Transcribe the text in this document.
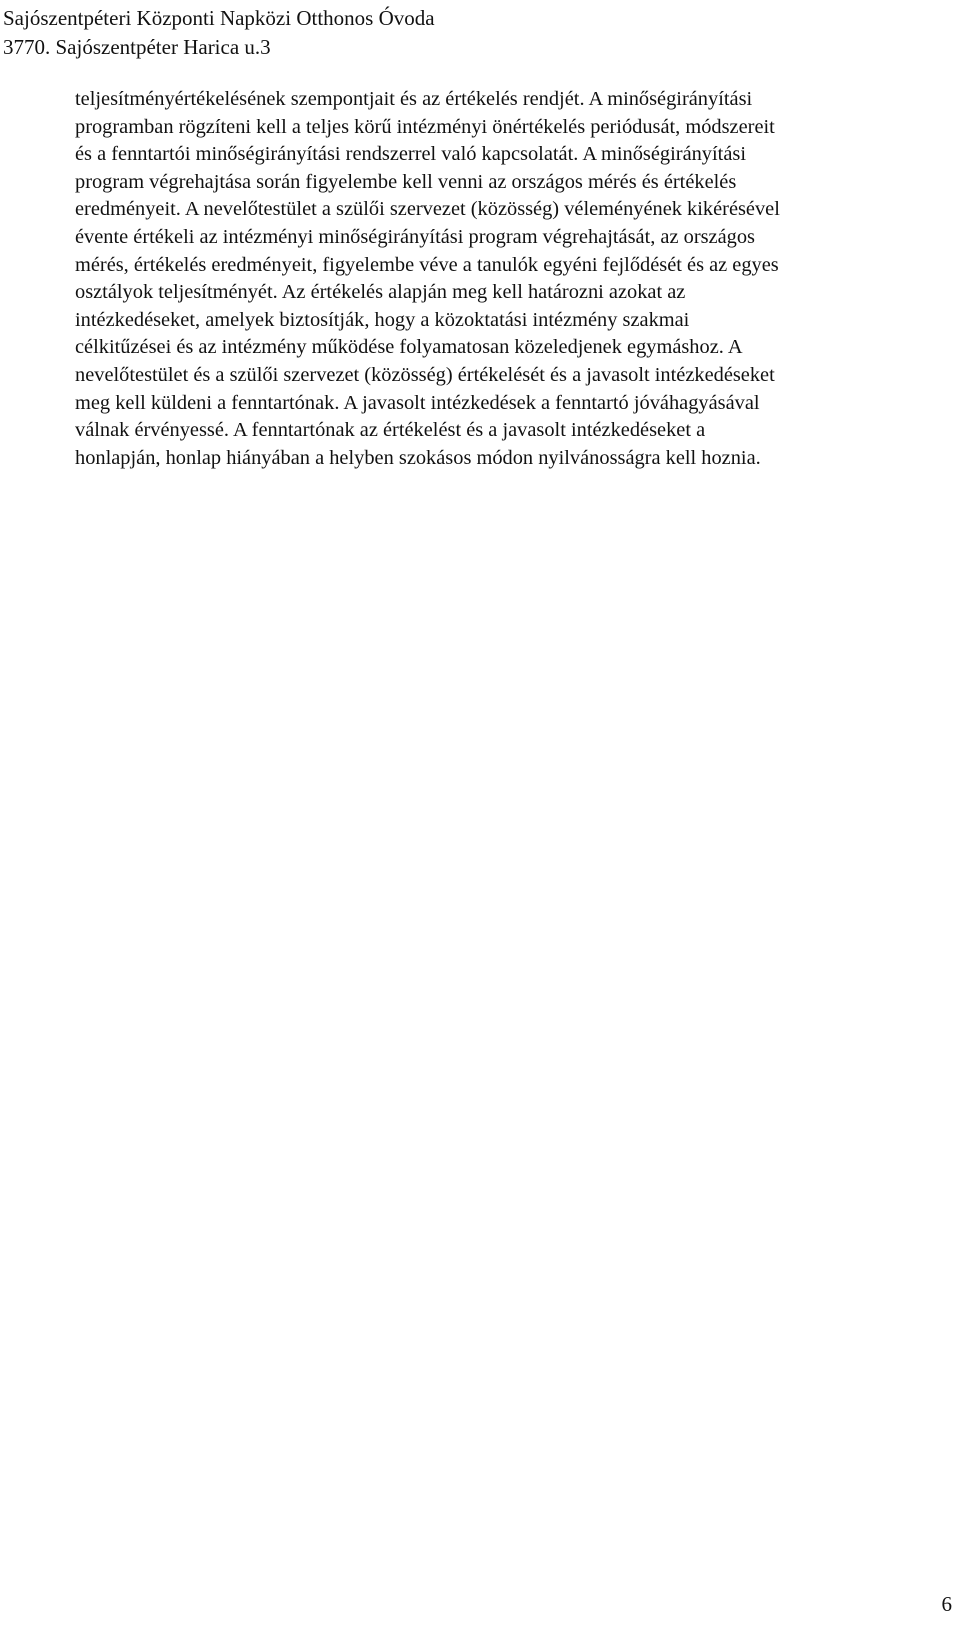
Sajószentpéteri Központi Napközi Otthonos Óvoda
3770. Sajószentpéter Harica u.3
teljesítményértékelésének szempontjait és az értékelés rendjét. A minőségirányítási
programban rögzíteni kell a teljes körű intézményi önértékelés periódusát, módszereit
és a fenntartói minőségirányítási rendszerrel való kapcsolatát. A minőségirányítási
program végrehajtása során figyelembe kell venni az országos mérés és értékelés
eredményeit. A nevelőtestület a szülői szervezet (közösség) véleményének kikérésével
évente értékeli az intézményi minőségirányítási program végrehajtását, az országos
mérés, értékelés eredményeit, figyelembe véve a tanulók egyéni fejlődését és az egyes
osztályok teljesítményét. Az értékelés alapján meg kell határozni azokat az
intézkedéseket, amelyek biztosítják, hogy a közoktatási intézmény szakmai
célkitűzései és az intézmény működése folyamatosan közeledjenek egymáshoz. A
nevelőtestület és a szülői szervezet (közösség) értékelését és a javasolt intézkedéseket
meg kell küldeni a fenntartónak. A javasolt intézkedések a fenntartó jóváhagyásával
válnak érvényessé. A fenntartónak az értékelést és a javasolt intézkedéseket a
honlapján, honlap hiányában a helyben szokásos módon nyilvánosságra kell hoznia.
6
